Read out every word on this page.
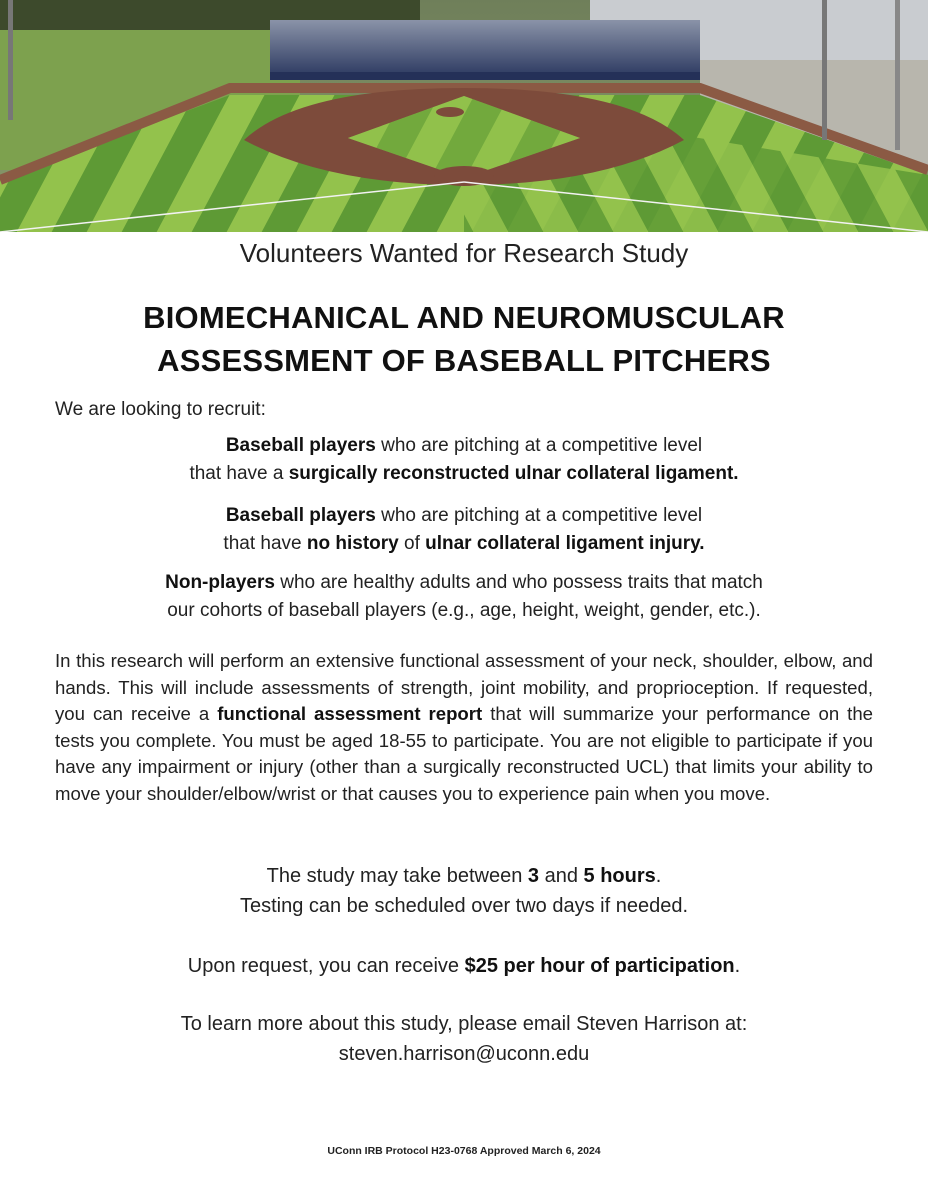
Volunteers Wanted for Research Study
BIOMECHANICAL AND NEUROMUSCULAR
ASSESSMENT OF BASEBALL PITCHERS
We are looking to recruit:
Baseball players who are pitching at a competitive level
that have a surgically reconstructed ulnar collateral ligament.
Baseball players who are pitching at a competitive level
that have no history of ulnar collateral ligament injury.
Non-players who are healthy adults and who possess traits that match
our cohorts of baseball players (e.g., age, height, weight, gender, etc.).
In this research will perform an extensive functional assessment of your neck, shoulder, elbow, and hands. This will include assessments of strength, joint mobility, and proprioception. If requested, you can receive a functional assessment report that will summarize your performance on the tests you complete. You must be aged 18-55 to participate. You are not eligible to participate if you have any impairment or injury (other than a surgically reconstructed UCL) that limits your ability to move your shoulder/elbow/wrist or that causes you to experience pain when you move.
The study may take between 3 and 5 hours.
Testing can be scheduled over two days if needed.
Upon request, you can receive $25 per hour of participation.
To learn more about this study, please email Steven Harrison at:
steven.harrison@uconn.edu
UConn IRB Protocol H23-0768 Approved March 6, 2024
